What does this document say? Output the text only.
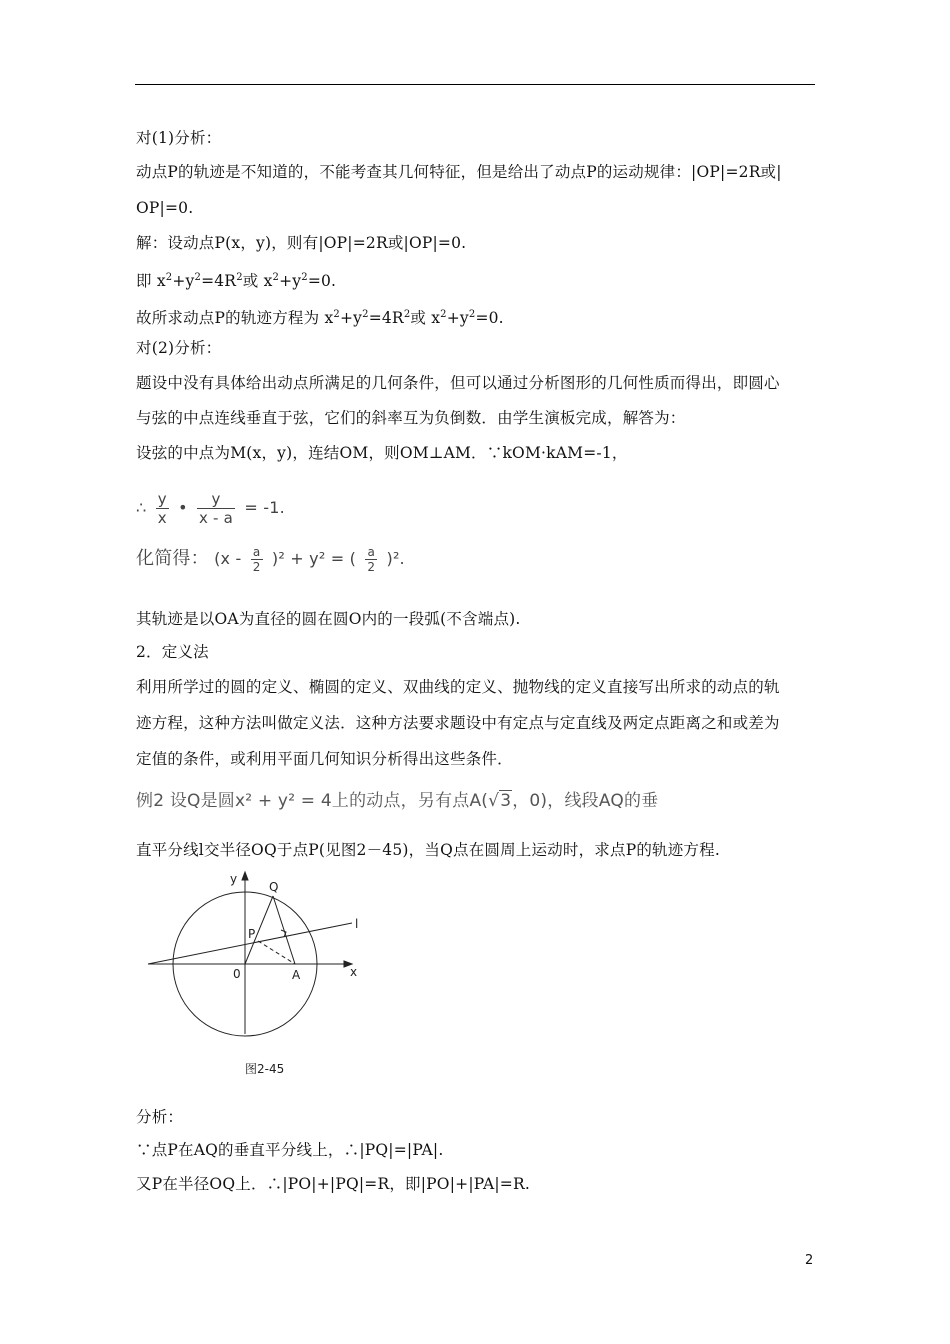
对(1)分析：
动点P的轨迹是不知道的，不能考查其几何特征，但是给出了动点P的运动规律：|OP|=2R或|
OP|=0.
解：设动点P(x，y)，则有|OP|=2R或|OP|=0.
即 $x^2+y^2=4R^2$或 $x^2+y^2=0$.
故所求动点P的轨迹方程为 $x^2+y^2=4R^2$或 $x^2+y^2=0$.
对(2)分析：
题设中没有具体给出动点所满足的几何条件，但可以通过分析图形的几何性质而得出，即圆心
与弦的中点连线垂直于弦，它们的斜率互为负倒数．由学生演板完成，解答为：
设弦的中点为M(x，y)，连结OM，则OM⊥AM．∵kOM·kAM=-1，
∴ $\frac{y}{x}$ • $\frac{y}{x - a} = -1$.
化简得： $(x - \frac{a}{2} )^2 + y^2$ = ( $\frac{a}{2} )^2$.
其轨迹是以OA为直径的圆在圆O内的一段弧(不含端点).
2．定义法
利用所学过的圆的定义、椭圆的定义、双曲线的定义、抛物线的定义直接写出所求的动点的轨
迹方程，这种方法叫做定义法．这种方法要求题设中有定点与定直线及两定点距离之和或差为
定值的条件，或利用平面几何知识分析得出这些条件．
例2 设Q是圆x² + y² = 4上的动点，另有点A(√3，0)，线段AQ的垂
直平分线l交半径OQ于点P(见图2－45)，当Q点在圆周上运动时，求点P的轨迹方程.
y
x
0
Q
P
A
l
图2-45
分析：
∵点P在AQ的垂直平分线上，∴|PQ|=|PA|.
又P在半径OQ上．∴|PO|+|PQ|=R，即|PO|+|PA|=R.
2
